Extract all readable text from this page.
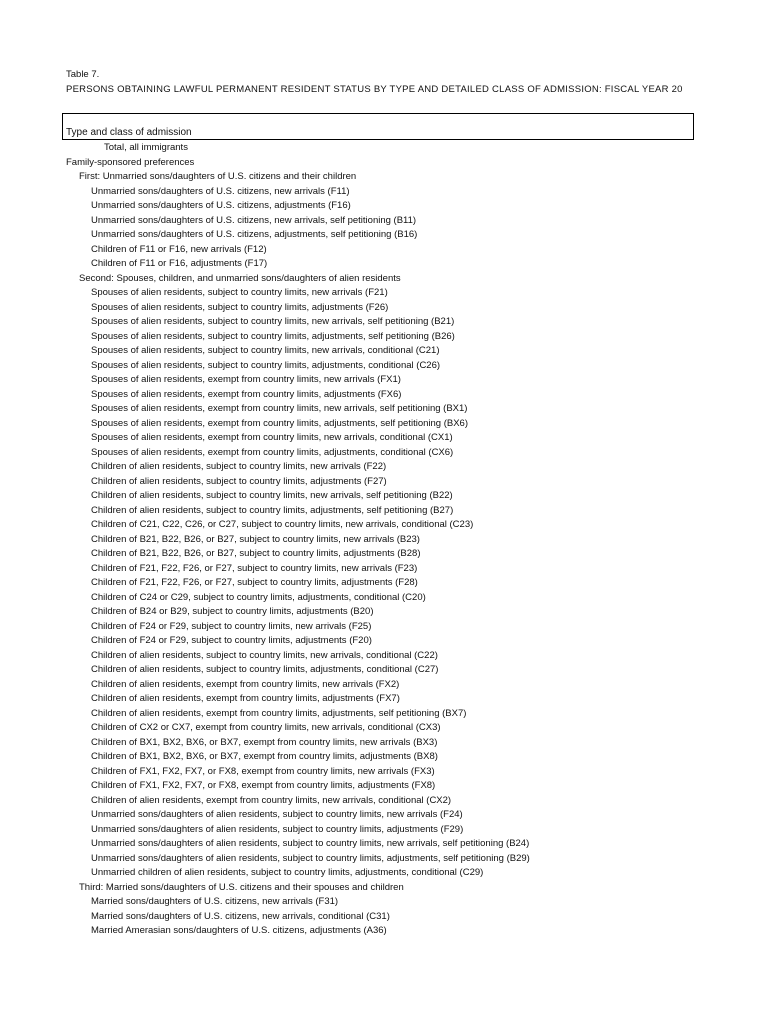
Table 7.
PERSONS OBTAINING LAWFUL PERMANENT RESIDENT STATUS BY TYPE AND DETAILED CLASS OF ADMISSION: FISCAL YEAR 20
Type and class of admission
Total, all immigrants
Family-sponsored preferences
First: Unmarried sons/daughters of U.S. citizens and their children
Unmarried sons/daughters of U.S. citizens, new arrivals (F11)
Unmarried sons/daughters of U.S. citizens, adjustments (F16)
Unmarried sons/daughters of U.S. citizens, new arrivals, self petitioning (B11)
Unmarried sons/daughters of U.S. citizens, adjustments, self petitioning (B16)
Children of F11 or F16, new arrivals (F12)
Children of F11 or F16, adjustments (F17)
Second: Spouses, children, and unmarried sons/daughters of alien residents
Spouses of alien residents, subject to country limits, new arrivals (F21)
Spouses of alien residents, subject to country limits, adjustments (F26)
Spouses of alien residents, subject to country limits, new arrivals, self petitioning (B21)
Spouses of alien residents, subject to country limits, adjustments, self petitioning (B26)
Spouses of alien residents, subject to country limits, new arrivals, conditional (C21)
Spouses of alien residents, subject to country limits, adjustments, conditional (C26)
Spouses of alien residents, exempt from country limits, new arrivals (FX1)
Spouses of alien residents, exempt from country limits, adjustments (FX6)
Spouses of alien residents, exempt from country limits, new arrivals, self petitioning (BX1)
Spouses of alien residents, exempt from country limits, adjustments, self petitioning (BX6)
Spouses of alien residents, exempt from country limits, new arrivals, conditional (CX1)
Spouses of alien residents, exempt from country limits, adjustments, conditional (CX6)
Children of alien residents, subject to country limits, new arrivals (F22)
Children of alien residents, subject to country limits, adjustments (F27)
Children of alien residents, subject to country limits, new arrivals, self petitioning (B22)
Children of alien residents, subject to country limits, adjustments, self petitioning (B27)
Children of C21, C22, C26, or C27, subject to country limits, new arrivals, conditional (C23)
Children of B21, B22, B26, or B27, subject to country limits, new arrivals (B23)
Children of B21, B22, B26, or B27, subject to country limits, adjustments (B28)
Children of F21, F22, F26, or F27, subject to country limits, new arrivals (F23)
Children of F21, F22, F26, or F27, subject to country limits, adjustments (F28)
Children of C24 or C29, subject to country limits, adjustments, conditional (C20)
Children of B24 or B29, subject to country limits, adjustments (B20)
Children of F24 or F29, subject to country limits, new arrivals (F25)
Children of F24 or F29, subject to country limits, adjustments (F20)
Children of alien residents, subject to country limits, new arrivals, conditional (C22)
Children of alien residents, subject to country limits, adjustments, conditional (C27)
Children of alien residents, exempt from country limits, new arrivals (FX2)
Children of alien residents, exempt from country limits, adjustments (FX7)
Children of alien residents, exempt from country limits, adjustments, self petitioning (BX7)
Children of CX2 or CX7, exempt from country limits, new arrivals, conditional (CX3)
Children of BX1, BX2, BX6, or BX7, exempt from country limits, new arrivals (BX3)
Children of BX1, BX2, BX6, or BX7, exempt from country limits, adjustments (BX8)
Children of FX1, FX2, FX7, or FX8, exempt from country limits, new arrivals (FX3)
Children of FX1, FX2, FX7, or FX8, exempt from country limits, adjustments (FX8)
Children of alien residents, exempt from country limits, new arrivals, conditional (CX2)
Unmarried sons/daughters of alien residents, subject to country limits, new arrivals (F24)
Unmarried sons/daughters of alien residents, subject to country limits, adjustments (F29)
Unmarried sons/daughters of alien residents, subject to country limits, new arrivals, self petitioning (B24)
Unmarried sons/daughters of alien residents, subject to country limits, adjustments, self petitioning (B29)
Unmarried children of alien residents, subject to country limits, adjustments, conditional (C29)
Third: Married sons/daughters of U.S. citizens and their spouses and children
Married sons/daughters of U.S. citizens, new arrivals (F31)
Married sons/daughters of U.S. citizens, new arrivals, conditional (C31)
Married Amerasian sons/daughters of U.S. citizens, adjustments (A36)
